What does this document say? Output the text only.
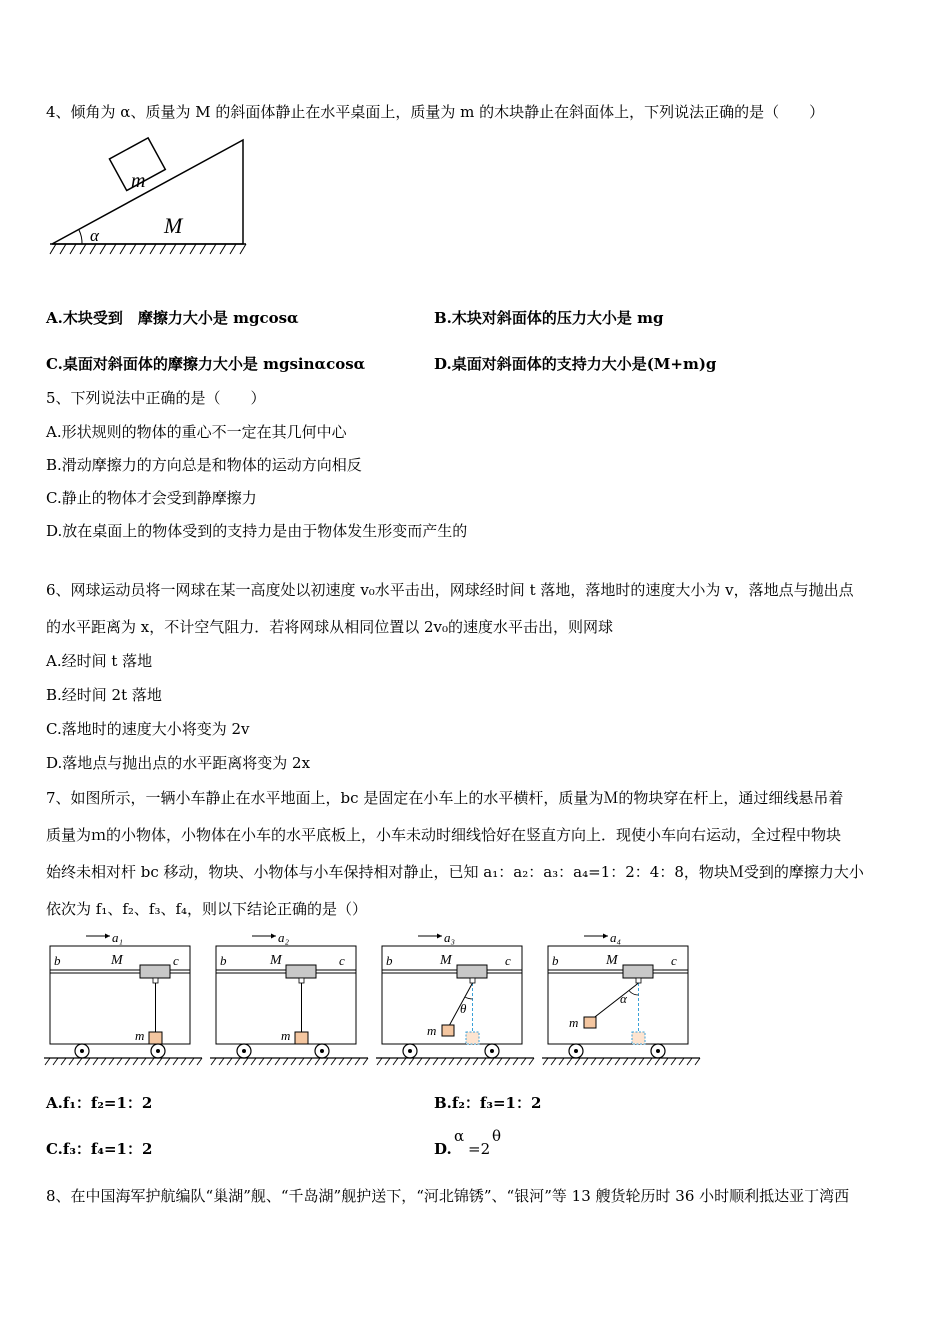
4、倾角为 α、质量为 M 的斜面体静止在水平桌面上，质量为 m 的木块静止在斜面体上，下列说法正确的是（　　）
m
M
α
A.木块受到　摩擦力大小是 mgcosα	B.木块对斜面体的压力大小是 mg
C.桌面对斜面体的摩擦力大小是 mgsinαcosα	D.桌面对斜面体的支持力大小是(M+m)g
5、下列说法中正确的是（　　）
A.形状规则的物体的重心不一定在其几何中心
B.滑动摩擦力的方向总是和物体的运动方向相反
C.静止的物体才会受到静摩擦力
D.放在桌面上的物体受到的支持力是由于物体发生形变而产生的
6、网球运动员将一网球在某一高度处以初速度 v₀水平击出，网球经时间 t 落地，落地时的速度大小为 v，落地点与抛出点
的水平距离为 x，不计空气阻力．若将网球从相同位置以 2v₀的速度水平击出，则网球
A.经时间 t 落地
B.经时间 2t 落地
C.落地时的速度大小将变为 2v
D.落地点与抛出点的水平距离将变为 2x
7、如图所示，一辆小车静止在水平地面上，bc 是固定在小车上的水平横杆，质量为Ｍ的物块穿在杆上，通过细线悬吊着
质量为ｍ的小物体，小物体在小车的水平底板上，小车未动时细线恰好在竖直方向上．现使小车向右运动，全过程中物块
始终未相对杆 bc 移动，物块、小物体与小车保持相对静止，已知 a₁：a₂：a₃：a₄=1：2：4：8，物块Ｍ受到的摩擦力大小
依次为 f₁、f₂、f₃、f₄，则以下结论正确的是（）
a₁
b	c
M
m
a₂
b	c
M
m
a₃
b	c
M
m
θ
a₄
b	c
M
m
α
A.f₁：f₂=1：2	B.f₂：f₃=1：2
C.f₃：f₄=1：2	D.
α
=2
θ
8、在中国海军护航编队“巢湖”舰、“千岛湖”舰护送下，“河北锦锈”、“银河”等 13 艘货轮历时 36 小时顺利抵达亚丁湾西
